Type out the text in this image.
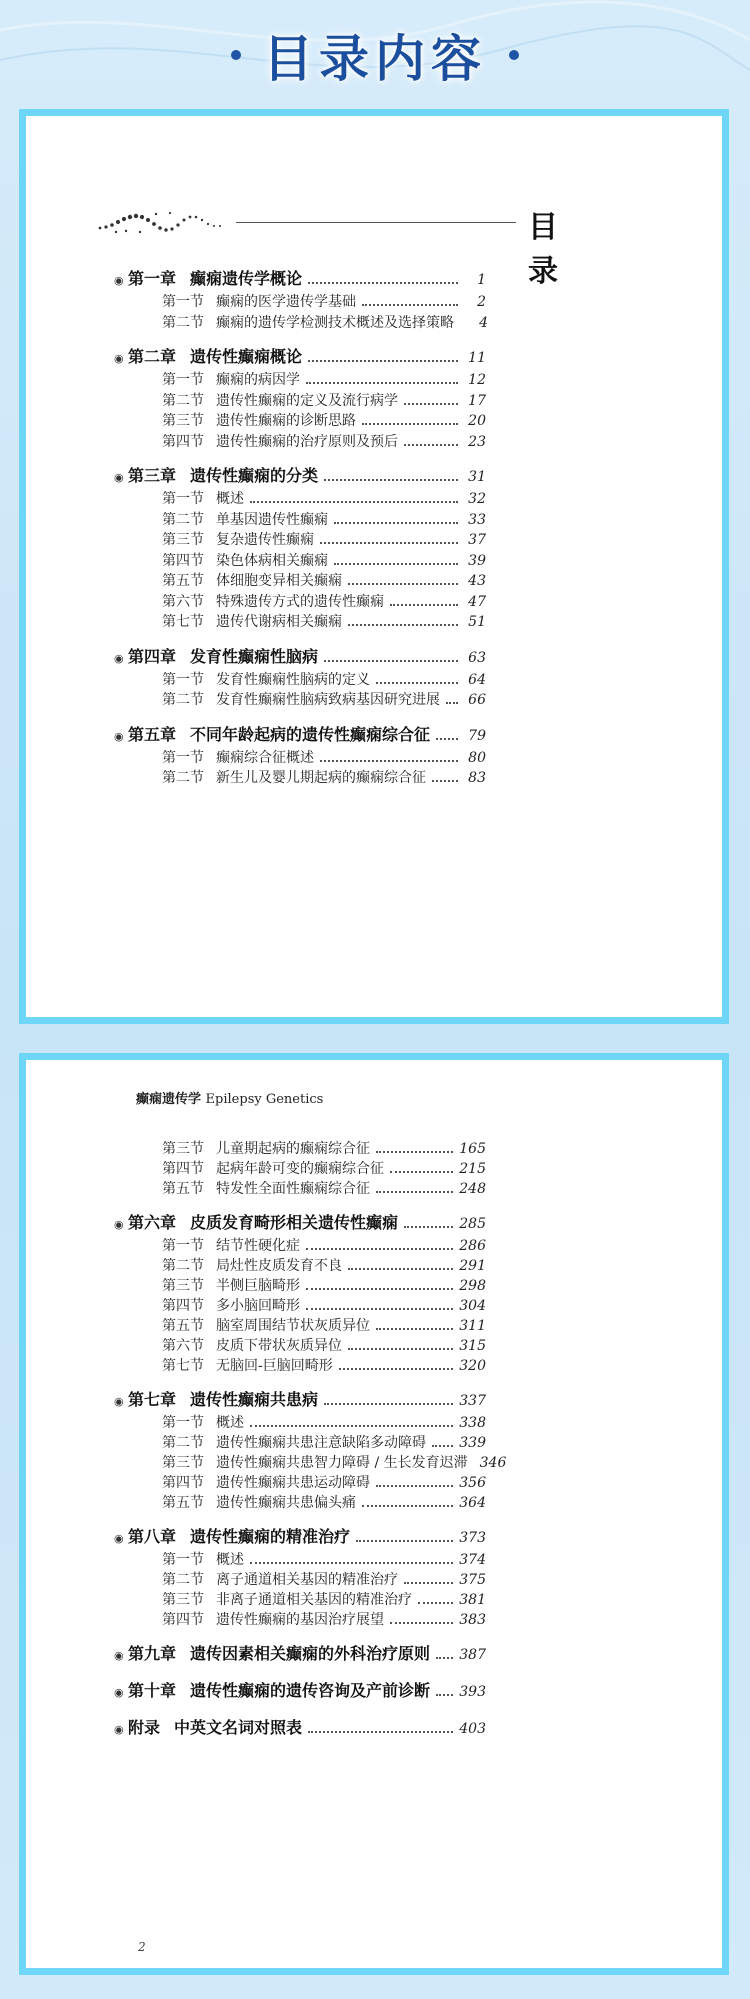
目录内容
目 录
◉ 第一章 癫痫遗传学概论	1
第一节 癫痫的医学遗传学基础	2
第二节 癫痫的遗传学检测技术概述及选择策略	4
◉ 第二章 遗传性癫痫概论	11
第一节 癫痫的病因学	12
第二节 遗传性癫痫的定义及流行病学	17
第三节 遗传性癫痫的诊断思路	20
第四节 遗传性癫痫的治疗原则及预后	23
◉ 第三章 遗传性癫痫的分类	31
第一节 概述	32
第二节 单基因遗传性癫痫	33
第三节 复杂遗传性癫痫	37
第四节 染色体病相关癫痫	39
第五节 体细胞变异相关癫痫	43
第六节 特殊遗传方式的遗传性癫痫	47
第七节 遗传代谢病相关癫痫	51
◉ 第四章 发育性癫痫性脑病	63
第一节 发育性癫痫性脑病的定义	64
第二节 发育性癫痫性脑病致病基因研究进展 66
◉ 第五章 不同年龄起病的遗传性癫痫综合征	79
第一节 癫痫综合征概述	80
第二节 新生儿及婴儿期起病的癫痫综合征	83
癫痫遗传学 Epilepsy Genetics
第三节 儿童期起病的癫痫综合征	165
第四节 起病年龄可变的癫痫综合征	215
第五节 特发性全面性癫痫综合征	248
◉ 第六章 皮质发育畸形相关遗传性癫痫	285
第一节 结节性硬化症	286
第二节 局灶性皮质发育不良	291
第三节 半侧巨脑畸形	298
第四节 多小脑回畸形	304
第五节 脑室周围结节状灰质异位	311
第六节 皮质下带状灰质异位	315
第七节 无脑回-巨脑回畸形	320
◉ 第七章 遗传性癫痫共患病	337
第一节 概述	338
第二节 遗传性癫痫共患注意缺陷多动障碍 339
第三节 遗传性癫痫共患智力障碍 / 生长发育迟滞 346
第四节 遗传性癫痫共患运动障碍	356
第五节 遗传性癫痫共患偏头痛	364
◉ 第八章 遗传性癫痫的精准治疗	373
第一节 概述	374
第二节 离子通道相关基因的精准治疗	375
第三节 非离子通道相关基因的精准治疗	381
第四节 遗传性癫痫的基因治疗展望	383
◉ 第九章 遗传因素相关癫痫的外科治疗原则 387
◉ 第十章 遗传性癫痫的遗传咨询及产前诊断 393
◉ 附录 中英文名词对照表	403
2
